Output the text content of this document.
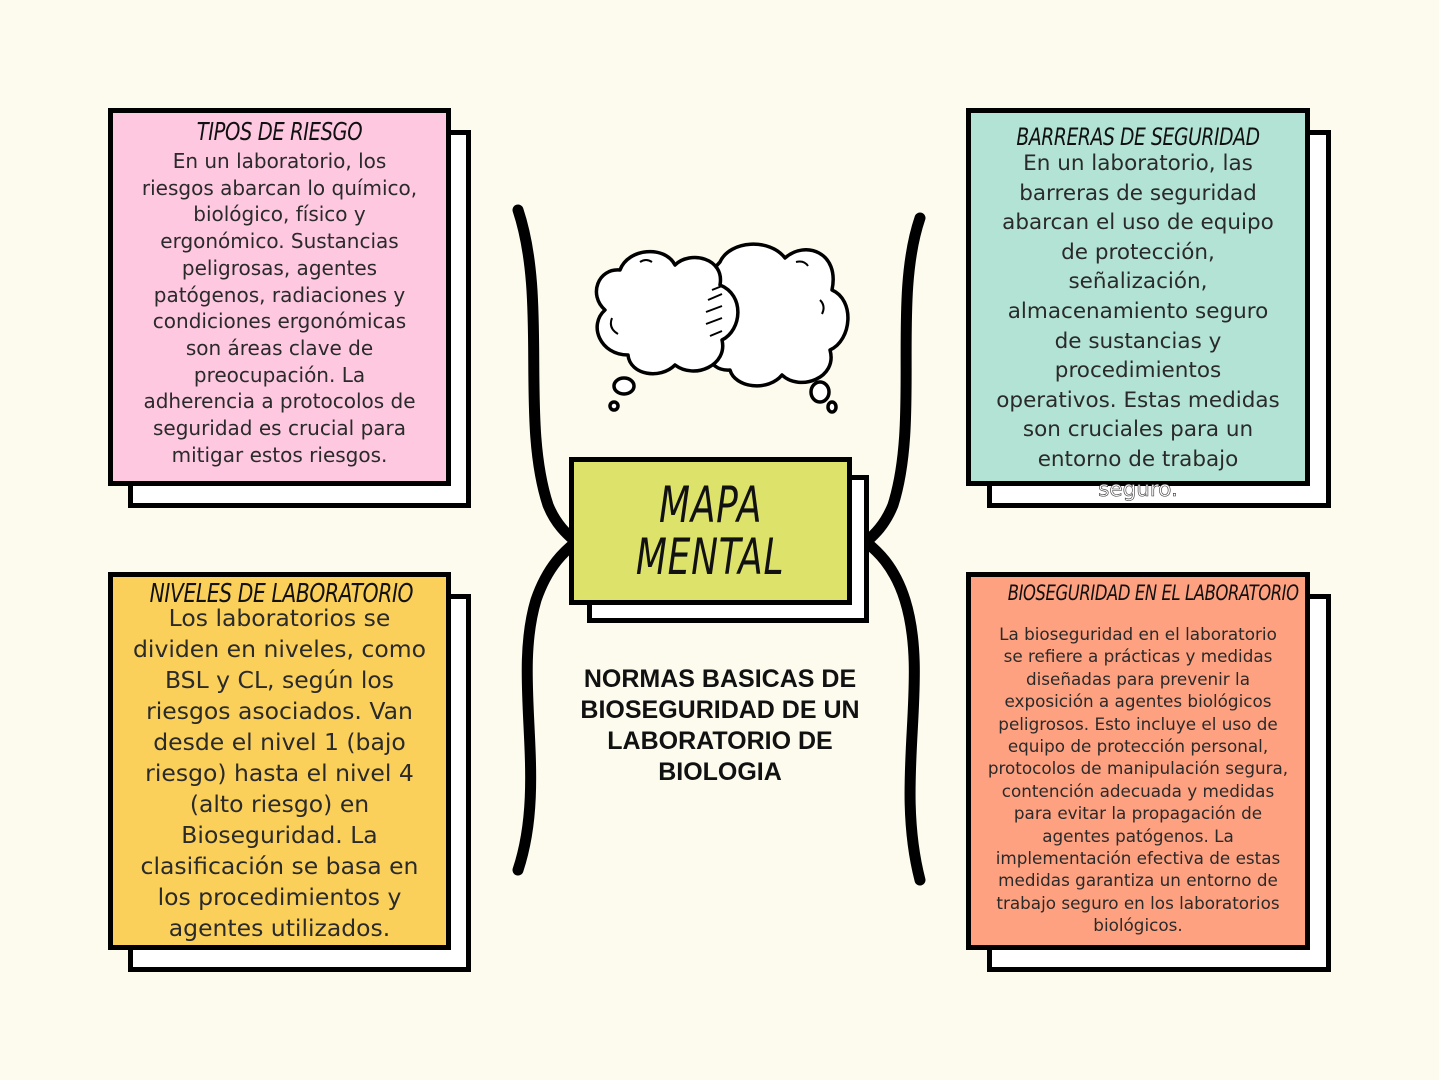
TIPOS DE RIESGO
En un laboratorio, los
riesgos abarcan lo químico,
biológico, físico y
ergonómico. Sustancias
peligrosas, agentes
patógenos, radiaciones y
condiciones ergonómicas
son áreas clave de
preocupación. La
adherencia a protocolos de
seguridad es crucial para
mitigar estos riesgos.
BARRERAS DE SEGURIDAD
En un laboratorio, las
barreras de seguridad
abarcan el uso de equipo
de protección,
señalización,
almacenamiento seguro
de sustancias y
procedimientos
operativos. Estas medidas
son cruciales para un
entorno de trabajo
seguro.
NIVELES DE LABORATORIO
Los laboratorios se
dividen en niveles, como
BSL y CL, según los
riesgos asociados. Van
desde el nivel 1 (bajo
riesgo) hasta el nivel 4
(alto riesgo) en
Bioseguridad. La
clasificación se basa en
los procedimientos y
agentes utilizados.
BIOSEGURIDAD EN EL LABORATORIO
La bioseguridad en el laboratorio
se refiere a prácticas y medidas
diseñadas para prevenir la
exposición a agentes biológicos
peligrosos. Esto incluye el uso de
equipo de protección personal,
protocolos de manipulación segura,
contención adecuada y medidas
para evitar la propagación de
agentes patógenos. La
implementación efectiva de estas
medidas garantiza un entorno de
trabajo seguro en los laboratorios
biológicos.
MAPA
MENTAL
NORMAS BASICAS DE
BIOSEGURIDAD DE UN
LABORATORIO DE
BIOLOGIA
